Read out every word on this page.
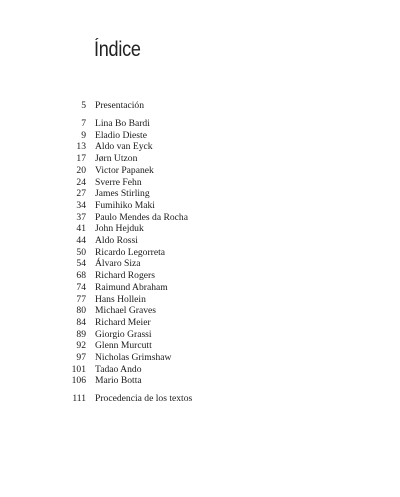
Índice
5 Presentación
7 Lina Bo Bardi
9 Eladio Dieste
13 Aldo van Eyck
17 Jørn Utzon
20 Victor Papanek
24 Sverre Fehn
27 James Stirling
34 Fumihiko Maki
37 Paulo Mendes da Rocha
41 John Hejduk
44 Aldo Rossi
50 Ricardo Legorreta
54 Álvaro Siza
68 Richard Rogers
74 Raimund Abraham
77 Hans Hollein
80 Michael Graves
84 Richard Meier
89 Giorgio Grassi
92 Glenn Murcutt
97 Nicholas Grimshaw
101 Tadao Ando
106 Mario Botta
111 Procedencia de los textos
